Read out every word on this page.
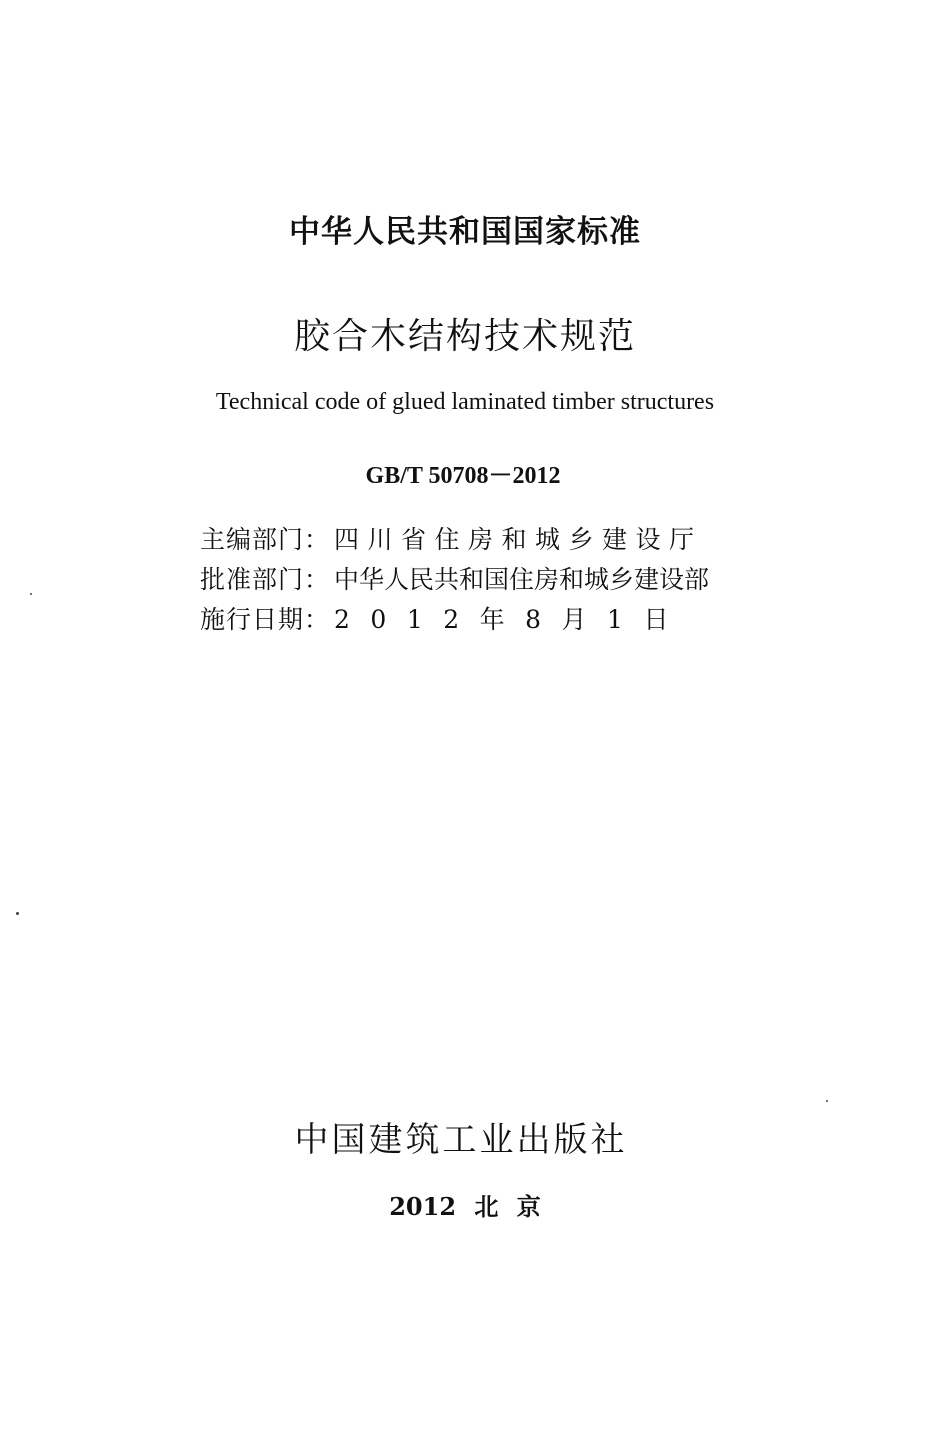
中华人民共和国国家标准
胶合木结构技术规范
Technical code of glued laminated timber structures
GB/T 50708－2012
主编部门： 四川省住房和城乡建设厅
批准部门： 中华人民共和国住房和城乡建设部
施行日期： 2012年8月1日
中国建筑工业出版社
2012 北 京
